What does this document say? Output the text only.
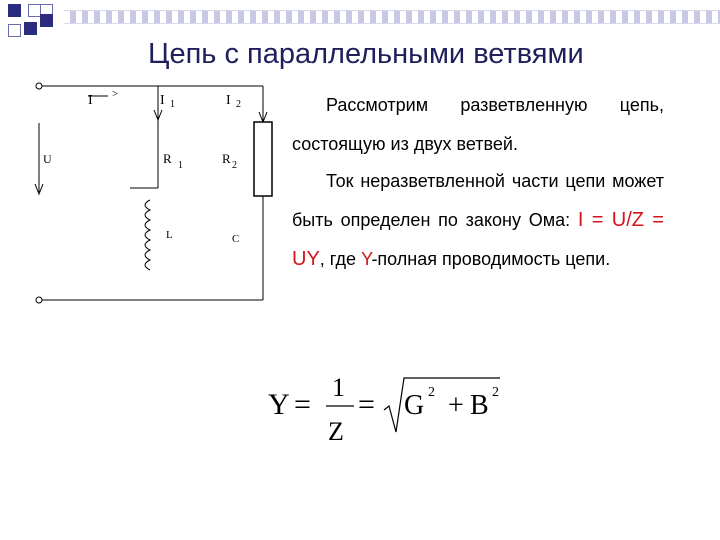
Цепь с параллельными ветвями
I >	I 1	I 2
U	R 1	R 2
L	C

Рассмотрим разветвленную цепь, состоящую из двух ветвей.

Ток неразветвленной части цепи может быть определен по закону Ома: I = U/Z = UY, где Y-полная проводимость цепи.

Y =
1
Z
= G 2 + B 2
